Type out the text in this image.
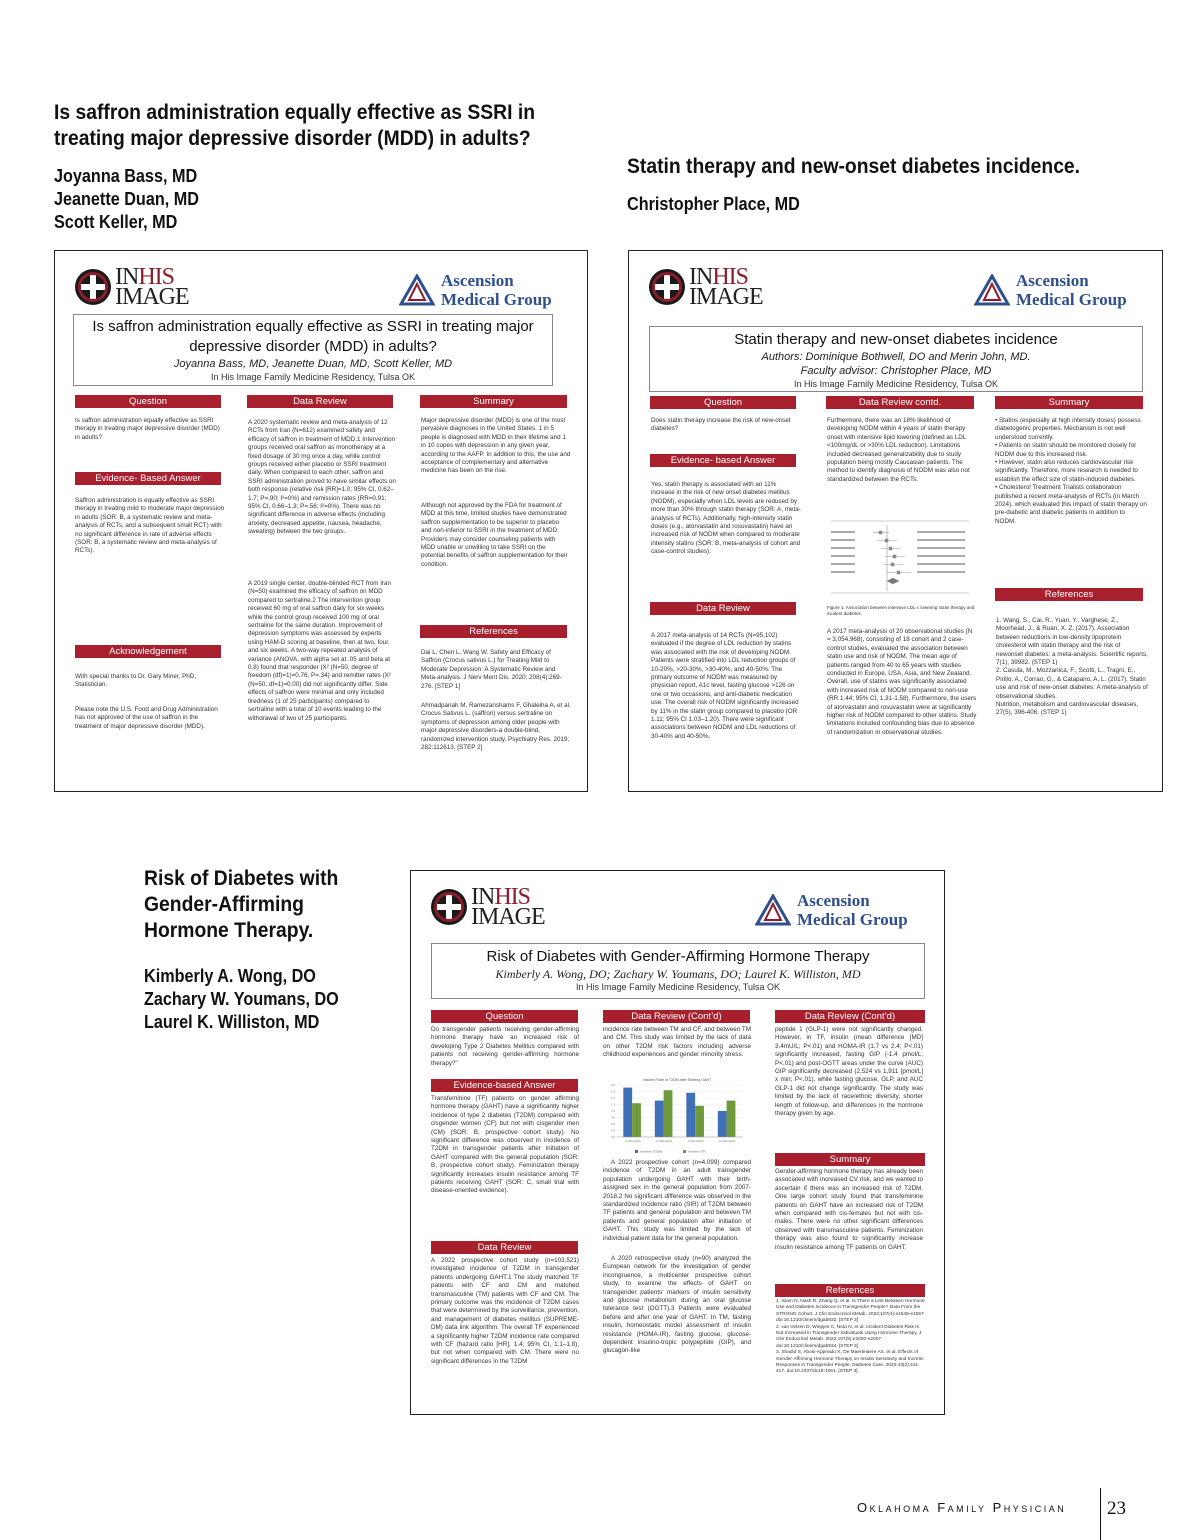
Is saffron administration equally effective as SSRI in
treating major depressive disorder (MDD) in adults?
Joyanna Bass, MD
Jeanette Duan, MD
Scott Keller, MD
Statin therapy and new-onset diabetes incidence.
Christopher Place, MD
Risk of Diabetes with
Gender-Affirming
Hormone Therapy.
Kimberly A. Wong, DO
Zachary W. Youmans, DO
Laurel K. Williston, MD
INHIS
IMAGE
Ascension
Medical Group
Is saffron administration equally effective as SSRI in treating major depressive disorder (MDD) in adults?
Joyanna Bass, MD, Jeanette Duan, MD, Scott Keller, MD
In His Image Family Medicine Residency, Tulsa OK
Question
Is saffron administration equally effective as SSRI therapy in treating major depressive disorder (MDD) in adults?
Evidence- Based Answer
Saffron administration is equally effective as SSRI therapy in treating mild to moderate major depression in adults (SOR: B, a systematic review and meta-analysis of RCTs, and a subsequent small RCT) with no significant difference in rate of adverse effects (SOR: B, a systematic review and meta-analysis of RCTs).
Acknowledgement
With special thanks to Dr. Gary Miner, PhD, Statistician.
Please note the U.S. Food and Drug Administration has not approved of the use of saffron in the treatment of major depressive disorder (MDD).
Data Review
A 2020 systematic review and meta-analysis of 12 RCTs from Iran (N=612) examined safety and efficacy of saffron in treatment of MDD.1 Intervention groups received oral saffron as monotherapy at a fixed dosage of 30 mg once a day, while control groups received either placebo or SSRI treatment daily. When compared to each other, saffron and SSRI administration proved to have similar effects on both response (relative risk [RR]=1.0; 95% CI, 0.62–1.7; P=.90; I²=0%) and remission rates (RR=0.91; 95% CI, 0.66–1.3; P=.56; I²=0%). There was no significant difference in adverse effects (including anxiety, decreased appetite, nausea, headache, sweating) between the two groups.
A 2019 single center, double-blinded RCT from Iran (N=50) examined the efficacy of saffron on MDD compared to sertraline.2 The intervention group received 60 mg of oral saffron daily for six weeks while the control group received 100 mg of oral sertraline for the same duration. Improvement of depression symptoms was assessed by experts using HAM-D scoring at baseline, then at two, four, and six weeks. A two-way repeated analysis of variance (ANOVA, with alpha set at .05 and beta at 0.8) found that responder (X² (N=50, degree of freedom (df)=1)=0.76, P=.34) and remitter rates (X² (N=50, df=1)=0.00) did not significantly differ. Side effects of saffron were minimal and only included tiredness (1 of 25 participants) compared to sertraline with a total of 10 events leading to the withdrawal of two of 25 participants.
Summary
Major depressive disorder (MDD) is one of the most pervasive diagnoses in the United States. 1 in 5 people is diagnosed with MDD in their lifetime and 1 in 10 copes with depression in any given year, according to the AAFP. In addition to this, the use and acceptance of complementary and alternative medicine has been on the rise.
Although not approved by the FDA for treatment of MDD at this time, limited studies have demonstrated saffron supplementation to be superior to placebo and non-inferior to SSRI in the treatment of MDD. Providers may consider counseling patients with MDD unable or unwilling to take SSRI on the potential benefits of saffron supplementation for their condition.
References
Dai L, Chen L, Wang W. Safety and Efficacy of Saffron (Crocus sativus L.) for Treating Mild to Moderate Depression: A Systematic Review and Meta-analysis. J Nerv Ment Dis. 2020; 208(4):269-276. [STEP 1]
Ahmadpanah M, Ramezanshams F, Ghaleiha A, et al. Crocus Sativus L. (saffron) versus sertraline on symptoms of depression among older people with major depressive disorders-a double-blind, randomized intervention study. Psychiatry Res. 2019; 282:112613. [STEP 2]
INHIS
IMAGE
Ascension
Medical Group
Statin therapy and new-onset diabetes incidence
Authors: Dominique Bothwell, DO and Merin John, MD.
Faculty advisor: Christopher Place, MD
In His Image Family Medicine Residency, Tulsa OK
Question
Does statin therapy increase the risk of new-onset diabetes?
Evidence- based Answer
Yes, statin therapy is associated with an 11% increase in the risk of new onset diabetes mellitus (NODM), especially when LDL levels are reduced by more than 30% through statin therapy (SOR: A, meta-analysis of RCTs). Additionally, high-intensity statin doses (e.g., atorvastatin and rosuvastatin) have an increased risk of NODM when compared to moderate intensity statins (SOR: B, meta-analysis of cohort and case-control studies).
Data Review
A 2017 meta-analysis of 14 RCTs (N=95,102) evaluated if the degree of LDL reduction by statins was associated with the risk of developing NODM. Patients were stratified into LDL reduction groups of 10-20%, >20-30%, >30-40%, and 40-50%. The primary outcome of NODM was measured by physician report, A1c level, fasting glucose >126 on one or two occasions, and anti-diabetic medication use. The overall risk of NODM significantly increased by 11% in the statin group compared to placebo (OR 1.11; 95% CI 1.03–1.20). There were significant associations between NODM and LDL reductions of 30-40% and 40-50%.
Data Review contd.
Furthermore, there was an 18% likelihood of developing NODM within 4 years of statin therapy onset with intensive lipid lowering (defined as LDL <100mg/dL or >30% LDL reduction). Limitations included decreased generalizability due to study population being mostly Caucasian patients. The method to identify diagnosis of NODM was also not standardized between the RCTs.
Figure 1. Association between intensive LDL-c lowering statin therapy and incident diabetes.
A 2017 meta-analysis of 20 observational studies (N = 3,054,968), consisting of 18 cohort and 2 case-control studies, evaluated the association between statin use and risk of NODM. The mean age of patients ranged from 40 to 65 years with studies conducted in Europe, USA, Asia, and New Zealand. Overall, use of statins was significantly associated with increased risk of NODM compared to non-use (RR 1.44; 95% CI, 1.31-1.58). Furthermore, the users of atorvastatin and rosuvastatin were at significantly higher risk of NODM compared to other statins. Study limitations included confounding bias due to absence of randomization in observational studies.
Summary
• Statins (especially at high intensity doses) possess diabetogenic properties. Mechanism is not well understood currently.
• Patients on statin should be monitored closely for NODM due to this increased risk.
• However, statin also reduces cardiovascular risk significantly. Therefore, more research is needed to establish the effect size of statin-induced diabetes.
• Cholesterol Treatment Trialists collaboration published a recent meta-analysis of RCTs (in March 2024), which evaluated this impact of statin therapy on pre-diabetic and diabetic patients in addition to NODM.
References
1. Wang, S., Cai, R., Yuan, Y., Varghese, Z., Moorhead, J., & Ruan, X. Z. (2017). Association between reductions in low-density lipoprotein cholesterol with statin therapy and the risk of newonset diabetes: a meta-analysis. Scientific reports, 7(1), 39982. (STEP 1)
2. Casula, M., Mozzanica, F., Scotti, L., Tragni, E., Pirillo, A., Corrao, G., & Catapano, A. L. (2017). Statin use and risk of new-onset diabetes: A meta-analysis of observational studies.
Nutrition, metabolism and cardiovascular diseases, 27(5), 396-406. (STEP 1)
INHIS
IMAGE
Ascension
Medical Group
Risk of Diabetes with Gender-Affirming Hormone Therapy
Kimberly A. Wong, DO; Zachary W. Youmans, DO; Laurel K. Williston, MD
In His Image Family Medicine Residency, Tulsa OK
Question
Do transgender patients receiving gender-affirming hormone therapy have an increased risk of developing Type 2 Diabetes Mellitus compared with patients not receiving gender-affirming hormone therapy?"
Evidence-based Answer
Transfeminine (TF) patients on gender affirming hormone therapy (GAHT) have a significantly higher incidence of type 2 diabetes (T2DM) compared with cisgender women (CF) but not with cisgender men (CM) (SOR: B, prospective cohort study). No significant difference was observed in incidence of T2DM in transgender patients after initiation of GAHT compared with the general population (SOR: B, prospective cohort study). Feminization therapy significantly increases insulin resistance among TF patients receiving GAHT (SOR: C, small trial with disease-oriented evidence).
Data Review
A 2022 prospective cohort study (n=103,521) investigated incidence of T2DM in transgender patients undergoing GAHT.1 The study matched TF patients with CF and CM and matched transmasculine (TM) patients with CF and CM. The primary outcome was the incidence of T2DM cases that were determined by the surveillance, prevention, and management of diabetes mellitus (SUPREME-DM) data link algorithm. The overall TF experienced a significantly higher T2DM incidence rate compared with CF (hazard ratio [HR], 1.4; 95% CI, 1.1–1.8), but not when compared with CM. There were no significant differences in the T2DM
Data Review (Cont’d)
incidence rate between TM and CF, and between TM and CM. This study was limited by the lack of data on other T2DM risk factors including adverse childhood experiences and gender minority stress.
Incident Rate of T2DM after Starting GAHT
0.0
0.3
0.5
0.8
1.0
1.3
1.5
1.8
2.0
to CF cohort	to CM cohort	to CF cohort	to CM cohort
Incidence (T2DM)	Incidence (TF)
A 2022 prospective cohort (n=4,099) compared incidence of T2DM in an adult transgender population undergoing GAHT with their birth-assigned sex in the general population from 2007-2018.2 No significant difference was observed in the standardized incidence ratio (SIR) of T2DM between TF patients and general population and between TM patients and general population after initiation of GAHT. This study was limited by the lack of individual patient data for the general population.
A 2020 retrospective study (n=90) analyzed the European network for the investigation of gender incongruence, a multicenter prospective cohort study, to examine the effects of GAHT on transgender patients' markers of insulin sensitivity and glucose metabolism during an oral glucose tolerance test (OGTT).3 Patients were evaluated before and after one year of GAHT. In TM, fasting insulin, homeostatic model assessment of insulin resistance (HOMA-IR), fasting glucose, glucose-dependent insulino-tropic polypeptide (GIP), and glucagon-like
Data Review (Cont’d)
peptide 1 (GLP-1) were not significantly changed. However, in TF, insulin (mean difference [MD] 3.4mU/L; P<.01) and HOMA-IR (1.7 vs 2.4; P<.01) significantly increased, fasting GIP (-1.4 pmol/L; P<.01) and post-OGTT areas under the curve (AUC) GIP significantly decreased (2,524 vs 1,911 [pmol/L] x min; P<.01), while fasting glucose, GLP, and AUC GLP-1 did not change significantly. The study was limited by the lack of race/ethnic diversity, shorter length of follow-up, and differences in the hormone therapy given by age.
Summary
Gender-affirming hormone therapy has already been associated with increased CV risk, and we wanted to ascertain if there was an increased risk of T2DM. One large cohort study found that transfeminine patients on GAHT have an increased risk of T2DM when compared with cis-females but not with cis-males. There were no other significant differences observed with transmasculine patients. Feminization therapy was also found to significantly increase insulin resistance among TF patients on GAHT.
References
1. Islam N, Nash R, Zhang Q, et al. Is There a Link Between Hormone Use and Diabetes Incidence in Transgender People? Data From the STRONG Cohort. J Clin Endocrinol Metab. 2022;107(4):e1549-e1557. doi:10.1210/clinem/dgab832. [STEP 3]
2. van Velzen D, Wiepjes C, Nota N, et al. Incident Diabetes Risk Is Not Increased in Transgender Individuals Using Hormone Therapy. J Clin Endocrinol Metab. 2022;107(5):e2000-e2007. doi:10.1210/clinem/dgab934. [STEP 3]
3. Shadid S, Abosi-Appeadu K, De Maertelaere AS, et al. Effects of Gender-Affirming Hormone Therapy on Insulin Sensitivity and Incretin Responses in Transgender People. Diabetes Care. 2020;43(2):411-417. doi:10.2337/dc19-1061. [STEP 3]
Oklahoma Family Physician 23
